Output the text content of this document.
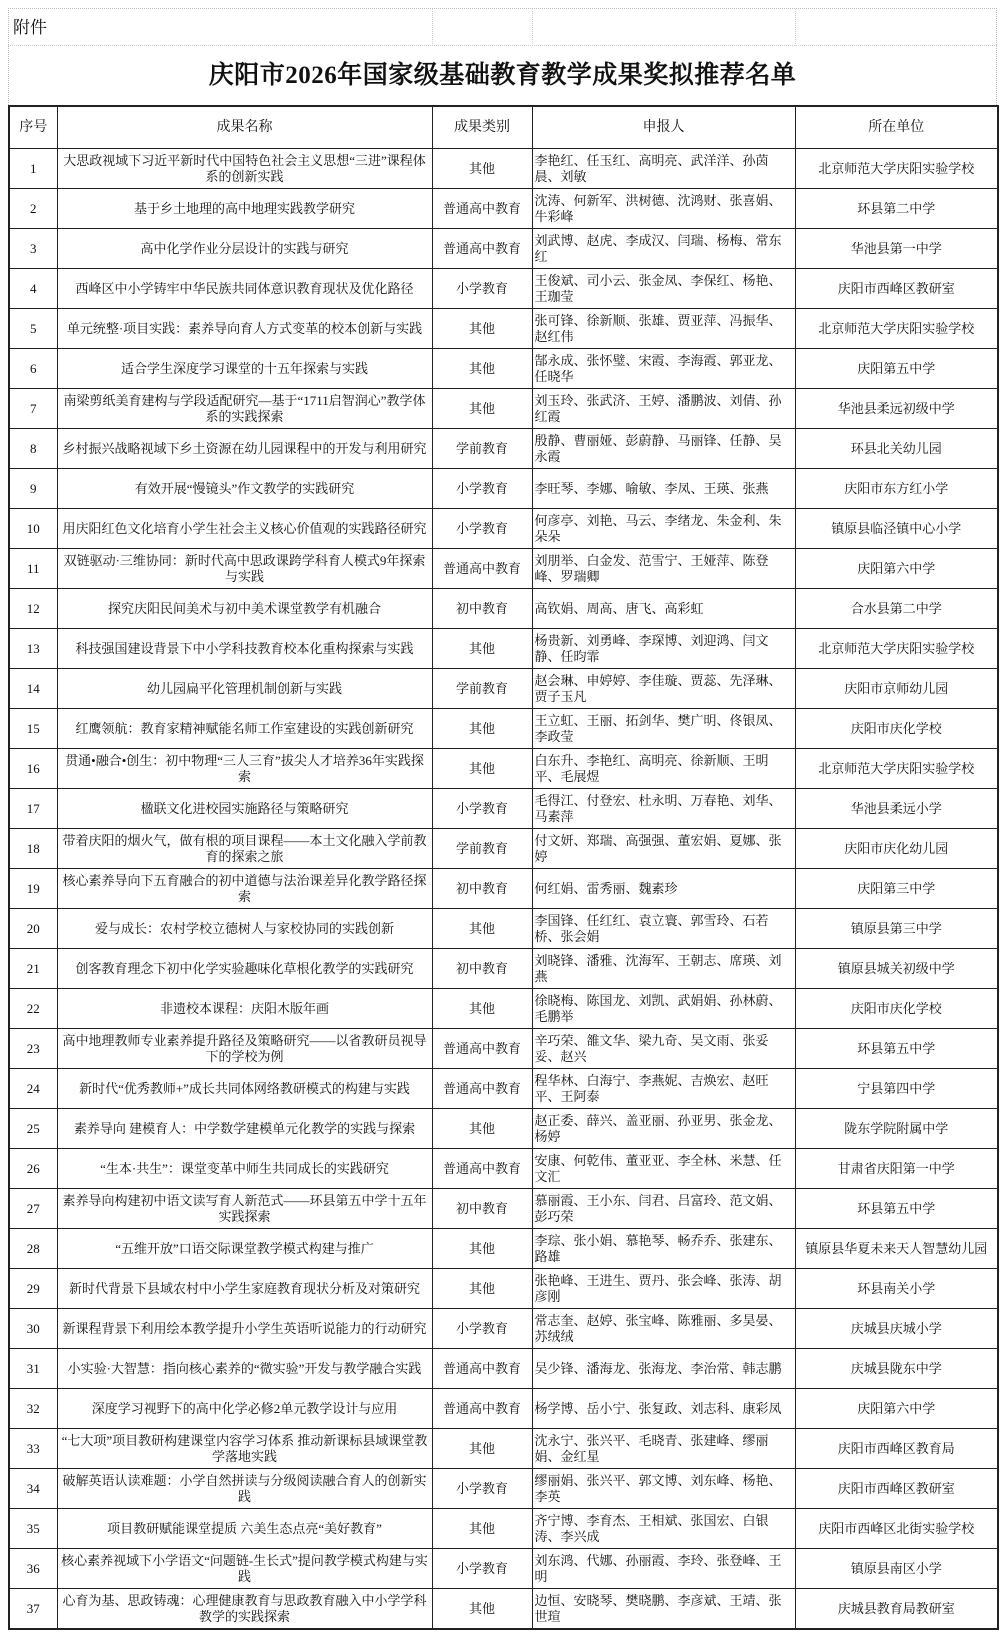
附件
庆阳市2026年国家级基础教育教学成果奖拟推荐名单
序号	成果名称	成果类别	申报人	所在单位
1	大思政视域下习近平新时代中国特色社会主义思想“三进”课程体系的创新实践	其他	李艳红、任玉红、高明亮、武洋洋、孙茵晨、刘敏	北京师范大学庆阳实验学校
2	基于乡土地理的高中地理实践教学研究	普通高中教育	沈涛、何新军、洪树德、沈鸿财、张喜娟、牛彩峰	环县第二中学
3	高中化学作业分层设计的实践与研究	普通高中教育	刘武博、赵虎、李成汉、闫瑞、杨梅、常东红	华池县第一中学
4	西峰区中小学铸牢中华民族共同体意识教育现状及优化路径	小学教育	王俊斌、司小云、张金凤、李保红、杨艳、王珈莹	庆阳市西峰区教研室
5	单元统整·项目实践：素养导向育人方式变革的校本创新与实践	其他	张可锋、徐新顺、张雄、贾亚萍、冯振华、赵红伟	北京师范大学庆阳实验学校
6	适合学生深度学习课堂的十五年探索与实践	其他	郜永成、张怀璧、宋霞、李海霞、郭亚龙、任晓华	庆阳第五中学
7	南梁剪纸美育建构与学段适配研究—基于“1711启智润心”教学体系的实践探索	其他	刘玉玲、张武济、王婷、潘鹏波、刘倩、孙红霞	华池县柔远初级中学
8	乡村振兴战略视域下乡土资源在幼儿园课程中的开发与利用研究	学前教育	殷静、曹丽娅、彭蔚静、马丽锋、任静、吴永霞	环县北关幼儿园
9	有效开展“慢镜头”作文教学的实践研究	小学教育	李旺琴、李娜、喻敏、李凤、王瑛、张燕	庆阳市东方红小学
10	用庆阳红色文化培育小学生社会主义核心价值观的实践路径研究	小学教育	何彦亭、刘艳、马云、李绪龙、朱金利、朱朵朵	镇原县临泾镇中心小学
11	双链驱动·三维协同：新时代高中思政课跨学科育人模式9年探索与实践	普通高中教育	刘朋举、白金发、范雪宁、王娅萍、陈登峰、罗瑞卿	庆阳第六中学
12	探究庆阳民间美术与初中美术课堂教学有机融合	初中教育	高钦娟、周高、唐飞、高彩虹	合水县第二中学
13	科技强国建设背景下中小学科技教育校本化重构探索与实践	其他	杨贵新、刘勇峰、李琛博、刘迎鸿、闫文静、任昀霏	北京师范大学庆阳实验学校
14	幼儿园扁平化管理机制创新与实践	学前教育	赵会琳、申婷婷、李佳璇、贾蕊、先泽琳、贾子玉凡	庆阳市京师幼儿园
15	红鹰领航：教育家精神赋能名师工作室建设的实践创新研究	其他	王立虹、王丽、拓剑华、樊广明、佟银凤、李政莹	庆阳市庆化学校
16	贯通•融合•创生：初中物理“三人三育”拔尖人才培养36年实践探索	其他	白东升、李艳红、高明亮、徐新顺、王明平、毛展煜	北京师范大学庆阳实验学校
17	楹联文化进校园实施路径与策略研究	小学教育	毛得江、付登宏、杜永明、万春艳、刘华、马素萍	华池县柔远小学
18	带着庆阳的烟火气，做有根的项目课程——本土文化融入学前教育的探索之旅	学前教育	付文妍、郑瑞、高强强、董宏娟、夏娜、张婷	庆阳市庆化幼儿园
19	核心素养导向下五育融合的初中道德与法治课差异化教学路径探索	初中教育	何红娟、雷秀丽、魏素珍	庆阳第三中学
20	爱与成长：农村学校立德树人与家校协同的实践创新	其他	李国锋、任红红、袁立寰、郭雪玲、石若桥、张会娟	镇原县第三中学
21	创客教育理念下初中化学实验趣味化草根化教学的实践研究	初中教育	刘晓锋、潘雅、沈海军、王朝志、席瑛、刘燕	镇原县城关初级中学
22	非遗校本课程：庆阳木版年画	其他	徐晓梅、陈国龙、刘凯、武娟娟、孙林蔚、毛鹏举	庆阳市庆化学校
23	高中地理教师专业素养提升路径及策略研究——以省教研员视导下的学校为例	普通高中教育	辛巧荣、雒文华、梁九奇、吴文雨、张妥妥、赵兴	环县第五中学
24	新时代“优秀教师+”成长共同体网络教研模式的构建与实践	普通高中教育	程华林、白海宁、李燕妮、吉焕宏、赵旺平、王阿泰	宁县第四中学
25	素养导向 建模育人：中学数学建模单元化教学的实践与探索	其他	赵正委、薛兴、盖亚丽、孙亚男、张金龙、杨婷	陇东学院附属中学
26	“生本·共生”：课堂变革中师生共同成长的实践研究	普通高中教育	安康、何乾伟、董亚亚、李全林、米慧、任文汇	甘肃省庆阳第一中学
27	素养导向构建初中语文读写育人新范式——环县第五中学十五年实践探索	初中教育	慕丽霞、王小东、闫君、吕富玲、范文娟、彭巧荣	环县第五中学
28	“五维开放”口语交际课堂教学模式构建与推广	其他	李琮、张小娟、慕艳琴、畅乔乔、张建东、路雄	镇原县华夏未来天人智慧幼儿园
29	新时代背景下县域农村中小学生家庭教育现状分析及对策研究	其他	张艳峰、王进生、贾丹、张会峰、张涛、胡彦刚	环县南关小学
30	新课程背景下利用绘本教学提升小学生英语听说能力的行动研究	小学教育	常志奎、赵婷、张宝峰、陈雅丽、多昊晏、苏绒绒	庆城县庆城小学
31	小实验·大智慧：指向核心素养的“微实验”开发与教学融合实践	普通高中教育	吴少锋、潘海龙、张海龙、李治常、韩志鹏	庆城县陇东中学
32	深度学习视野下的高中化学必修2单元教学设计与应用	普通高中教育	杨学博、岳小宁、张复政、刘志科、康彩凤	庆阳第六中学
33	“七大项”项目教研构建课堂内容学习体系 推动新课标县域课堂教学落地实践	其他	沈永宁、张兴平、毛晓青、张建峰、缪丽娟、金红星	庆阳市西峰区教育局
34	破解英语认读难题：小学自然拼读与分级阅读融合育人的创新实践	小学教育	缪丽娟、张兴平、郭文博、刘东峰、杨艳、李英	庆阳市西峰区教研室
35	项目教研赋能课堂提质 六美生态点亮“美好教育”	其他	齐宁博、李育杰、王相斌、张国宏、白银涛、李兴成	庆阳市西峰区北街实验学校
36	核心素养视域下小学语文“问题链-生长式”提问教学模式构建与实践	小学教育	刘东鸿、代娜、孙丽霞、李玲、张登峰、王明	镇原县南区小学
37	心育为基、思政铸魂：心理健康教育与思政教育融入中小学学科教学的实践探索	其他	边恒、安晓琴、樊晓鹏、李彦斌、王靖、张世瑄	庆城县教育局教研室
